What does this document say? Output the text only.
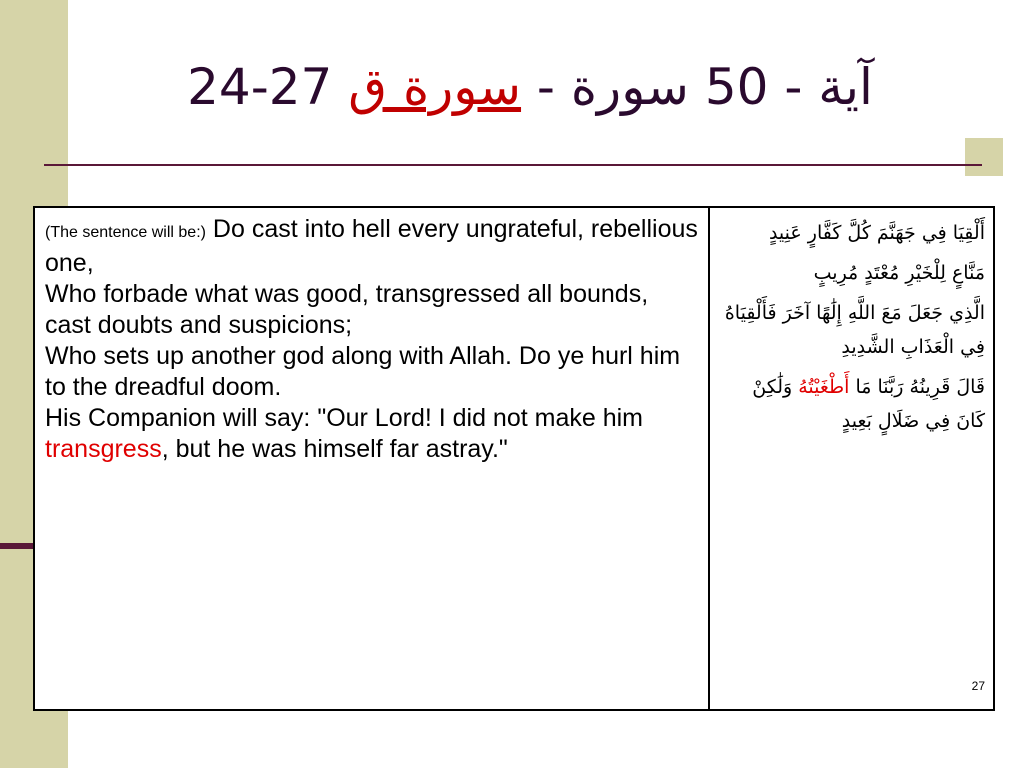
24-27 آية - 50 سورة - سورة ق
(The sentence will be:) Do cast into hell every ungrateful, rebellious one,
Who forbade what was good, transgressed all bounds, cast doubts and suspicions;
Who sets up another god along with Allah. Do ye hurl him to the dreadful doom.
His Companion will say: "Our Lord! I did not make him transgress, but he was himself far astray."

أَلْقِيَا فِي جَهَنَّمَ كُلَّ كَفَّارٍ عَنِيدٍ

مَنَّاعٍ لِلْخَيْرِ مُعْتَدٍ مُرِيبٍ

الَّذِي جَعَلَ مَعَ اللَّهِ إِلَٰهًا آخَرَ فَأَلْقِيَاهُ فِي الْعَذَابِ الشَّدِيدِ

قَالَ قَرِينُهُ رَبَّنَا مَا أَطْغَيْتُهُ وَلَٰكِنْ كَانَ فِي ضَلَالٍ بَعِيدٍ

27
